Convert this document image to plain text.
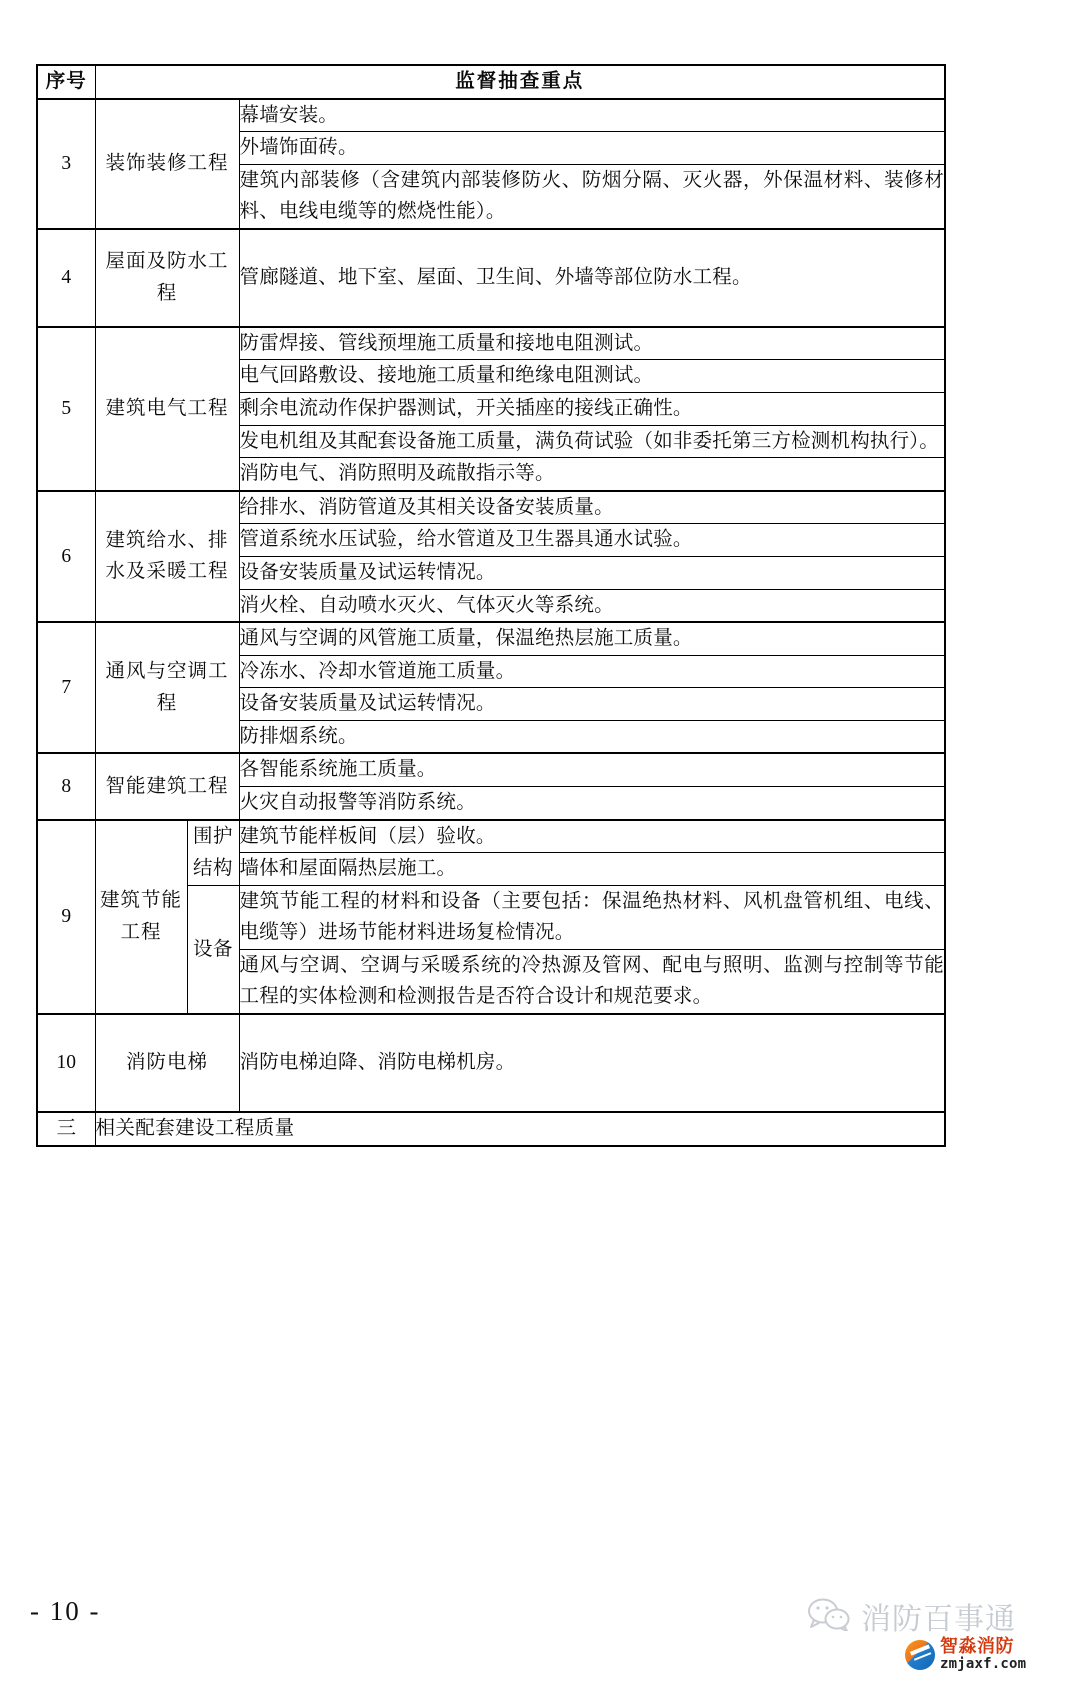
序号	监督抽查重点		
3	装饰装修工程		幕墙安装。
			外墙饰面砖。
			建筑内部装修（含建筑内部装修防火、防烟分隔、灭火器，外保温材料、装修材料、电线电缆等的燃烧性能）。
4	屋面及防水工程		管廊隧道、地下室、屋面、卫生间、外墙等部位防水工程。
5	建筑电气工程		防雷焊接、管线预埋施工质量和接地电阻测试。
			电气回路敷设、接地施工质量和绝缘电阻测试。
			剩余电流动作保护器测试，开关插座的接线正确性。
			发电机组及其配套设备施工质量，满负荷试验（如非委托第三方检测机构执行）。
			消防电气、消防照明及疏散指示等。
6	建筑给水、排水及采暖工程		给排水、消防管道及其相关设备安装质量。
			管道系统水压试验，给水管道及卫生器具通水试验。
			设备安装质量及试运转情况。
			消火栓、自动喷水灭火、气体灭火等系统。
7	通风与空调工程		通风与空调的风管施工质量，保温绝热层施工质量。
			冷冻水、冷却水管道施工质量。
			设备安装质量及试运转情况。
			防排烟系统。
8	智能建筑工程		各智能系统施工质量。
			火灾自动报警等消防系统。
9	建筑节能工程	围护结构	建筑节能样板间（层）验收。
			墙体和屋面隔热层施工。
		设备	建筑节能工程的材料和设备（主要包括：保温绝热材料、风机盘管机组、电线、电缆等）进场节能材料进场复检情况。
			通风与空调、空调与采暖系统的冷热源及管网、配电与照明、监测与控制等节能工程的实体检测和检测报告是否符合设计和规范要求。
10	消防电梯		消防电梯迫降、消防电梯机房。
三	相关配套建设工程质量		
- 10 -	消防百事通
智淼消防
zmjaxf.com
